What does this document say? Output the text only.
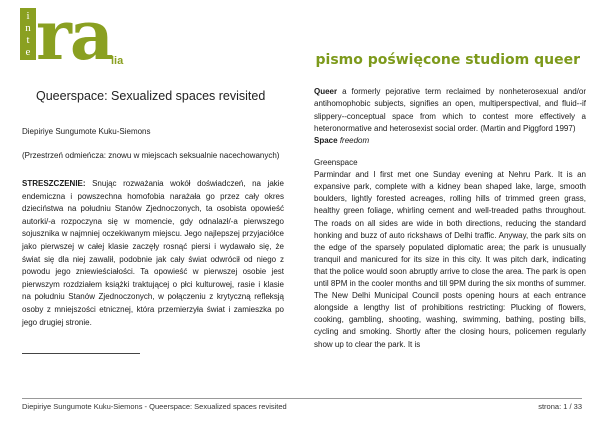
i
n
t
e ra lia	pismo poświęcone studiom queer
Queerspace: Sexualized spaces revisited
Diepiriye Sungumote Kuku-Siemons
(Przestrzeń odmieńcza: znowu w miejscach seksualnie nacechowanych)
STRESZCZENIE: Snując rozważania wokół doświadczeń, na jakie endemiczna i powszechna homofobia narażała go przez cały okres dzieciństwa na południu Stanów Zjednoczonych, ta osobista opowieść autorki/-a rozpoczyna się w momencie, gdy odnalazł/-a pierwszego sojusznika w najmniej oczekiwanym miejscu. Jego najlepszej przyjaciółce jako pierwszej w całej klasie zaczęły rosnąć piersi i wydawało się, że świat się dla niej zawalił, podobnie jak cały świat odwrócił od niego z powodu jego zniewieściałości. Ta opowieść w pierwszej osobie jest pierwszym rozdziałem książki traktującej o płci kulturowej, rasie i klasie na południu Stanów Zjednoczonych, w połączeniu z krytyczną refleksją osoby z mniejszości etnicznej, która przemierzyła świat i zamieszka po jego drugiej stronie.
Queer a formerly pejorative term reclaimed by nonheterosexual and/or antihomophobic subjects, signifies an open, multiperspectival, and fluid--if slippery--conceptual space from which to contest more effectively a heteronormative and heterosexist social order. (Martin and Piggford 1997)
Space freedom
Greenspace
Parmindar and I first met one Sunday evening at Nehru Park. It is an expansive park, complete with a kidney bean shaped lake, large, smooth boulders, lightly forested acreages, rolling hills of trimmed green grass, healthy green foliage, whirling cement and well-treaded paths throughout. The roads on all sides are wide in both directions, reducing the standard honking and buzz of auto rickshaws of Delhi traffic. Anyway, the park sits on the edge of the sparsely populated diplomatic area; the park is unusually tranquil and manicured for its size in this city. It was pitch dark, indicating that the police would soon abruptly arrive to close the area. The park is open until 8PM in the cooler months and till 9PM during the six months of summer. The New Delhi Municipal Council posts opening hours at each entrance alongside a lengthy list of prohibitions restricting: Plucking of flowers, cooking, gambling, shooting, washing, swimming, bathing, posting bills, cycling and smoking. Shortly after the closing hours, policemen regularly show up to clear the park. It is
Diepiriye Sungumote Kuku-Siemons - Queerspace: Sexualized spaces revisited	strona: 1 / 33
